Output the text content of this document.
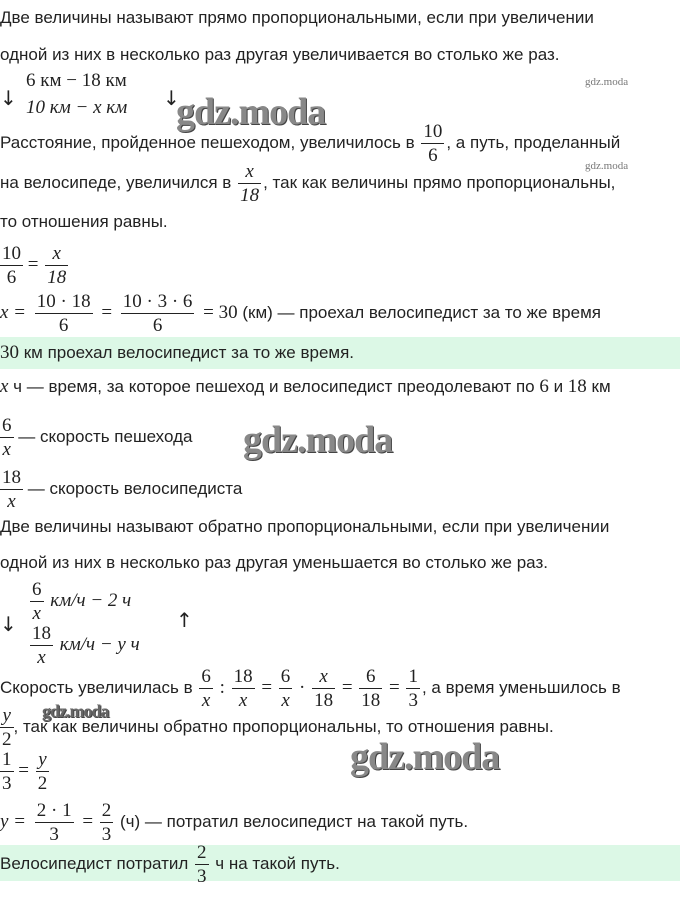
Две величины называют прямо пропорциональными, если при увеличении
одной из них в несколько раз другая увеличивается во столько же раз.
↓
6 км − 18 км
10 км − x км ↓
gdz.moda
gdz.moda
gdz.moda
Расстояние, пройденное пешеходом, увеличилось в $\frac{10}{6}$ , а путь, проделанный
на велосипеде, увеличился в $\frac{x}{18}$ , так как величины прямо пропорциональны,
то отношения равны.
$\frac{10}{6} = \frac{x}{18}$
$x = \frac{10 \cdot 18}{6} = \frac{10 \cdot 3 \cdot 6}{6} = 30$ (км) — проехал велосипедист за то же время
30 км проехал велосипедист за то же время.
x ч — время, за которое пешеход и велосипедист преодолевают по 6 и 18 км
$\frac{6}{x}$ — скорость пешехода gdz.moda
$\frac{18}{x}$ — скорость велосипедиста
Две величины называют обратно пропорциональными, если при увеличении
одной из них в несколько раз другая уменьшается во столько же раз.
↓
$\frac{6}{x} км/ч - 2$ ч
$\frac{18}{x} км/ч - y$ ч
↑
Скорость увеличилась в $\frac{6}{x}$ : $\frac{18}{x} = \frac{6}{x} \cdot \frac{x}{18} = \frac{6}{18} = \frac{1}{3}$ , а время уменьшилось в
$\frac{y}{2}$ , так как величины обратно пропорциональны, то отношения равны.
gdz.moda
gdz.moda
$\frac{1}{3} = \frac{y}{2}$
$y = \frac{2 \cdot 1}{3} = \frac{2}{3} (ч)$ — потратил велосипедист на такой путь.
Велосипедист потратил $\frac{2}{3}$ ч на такой путь.
